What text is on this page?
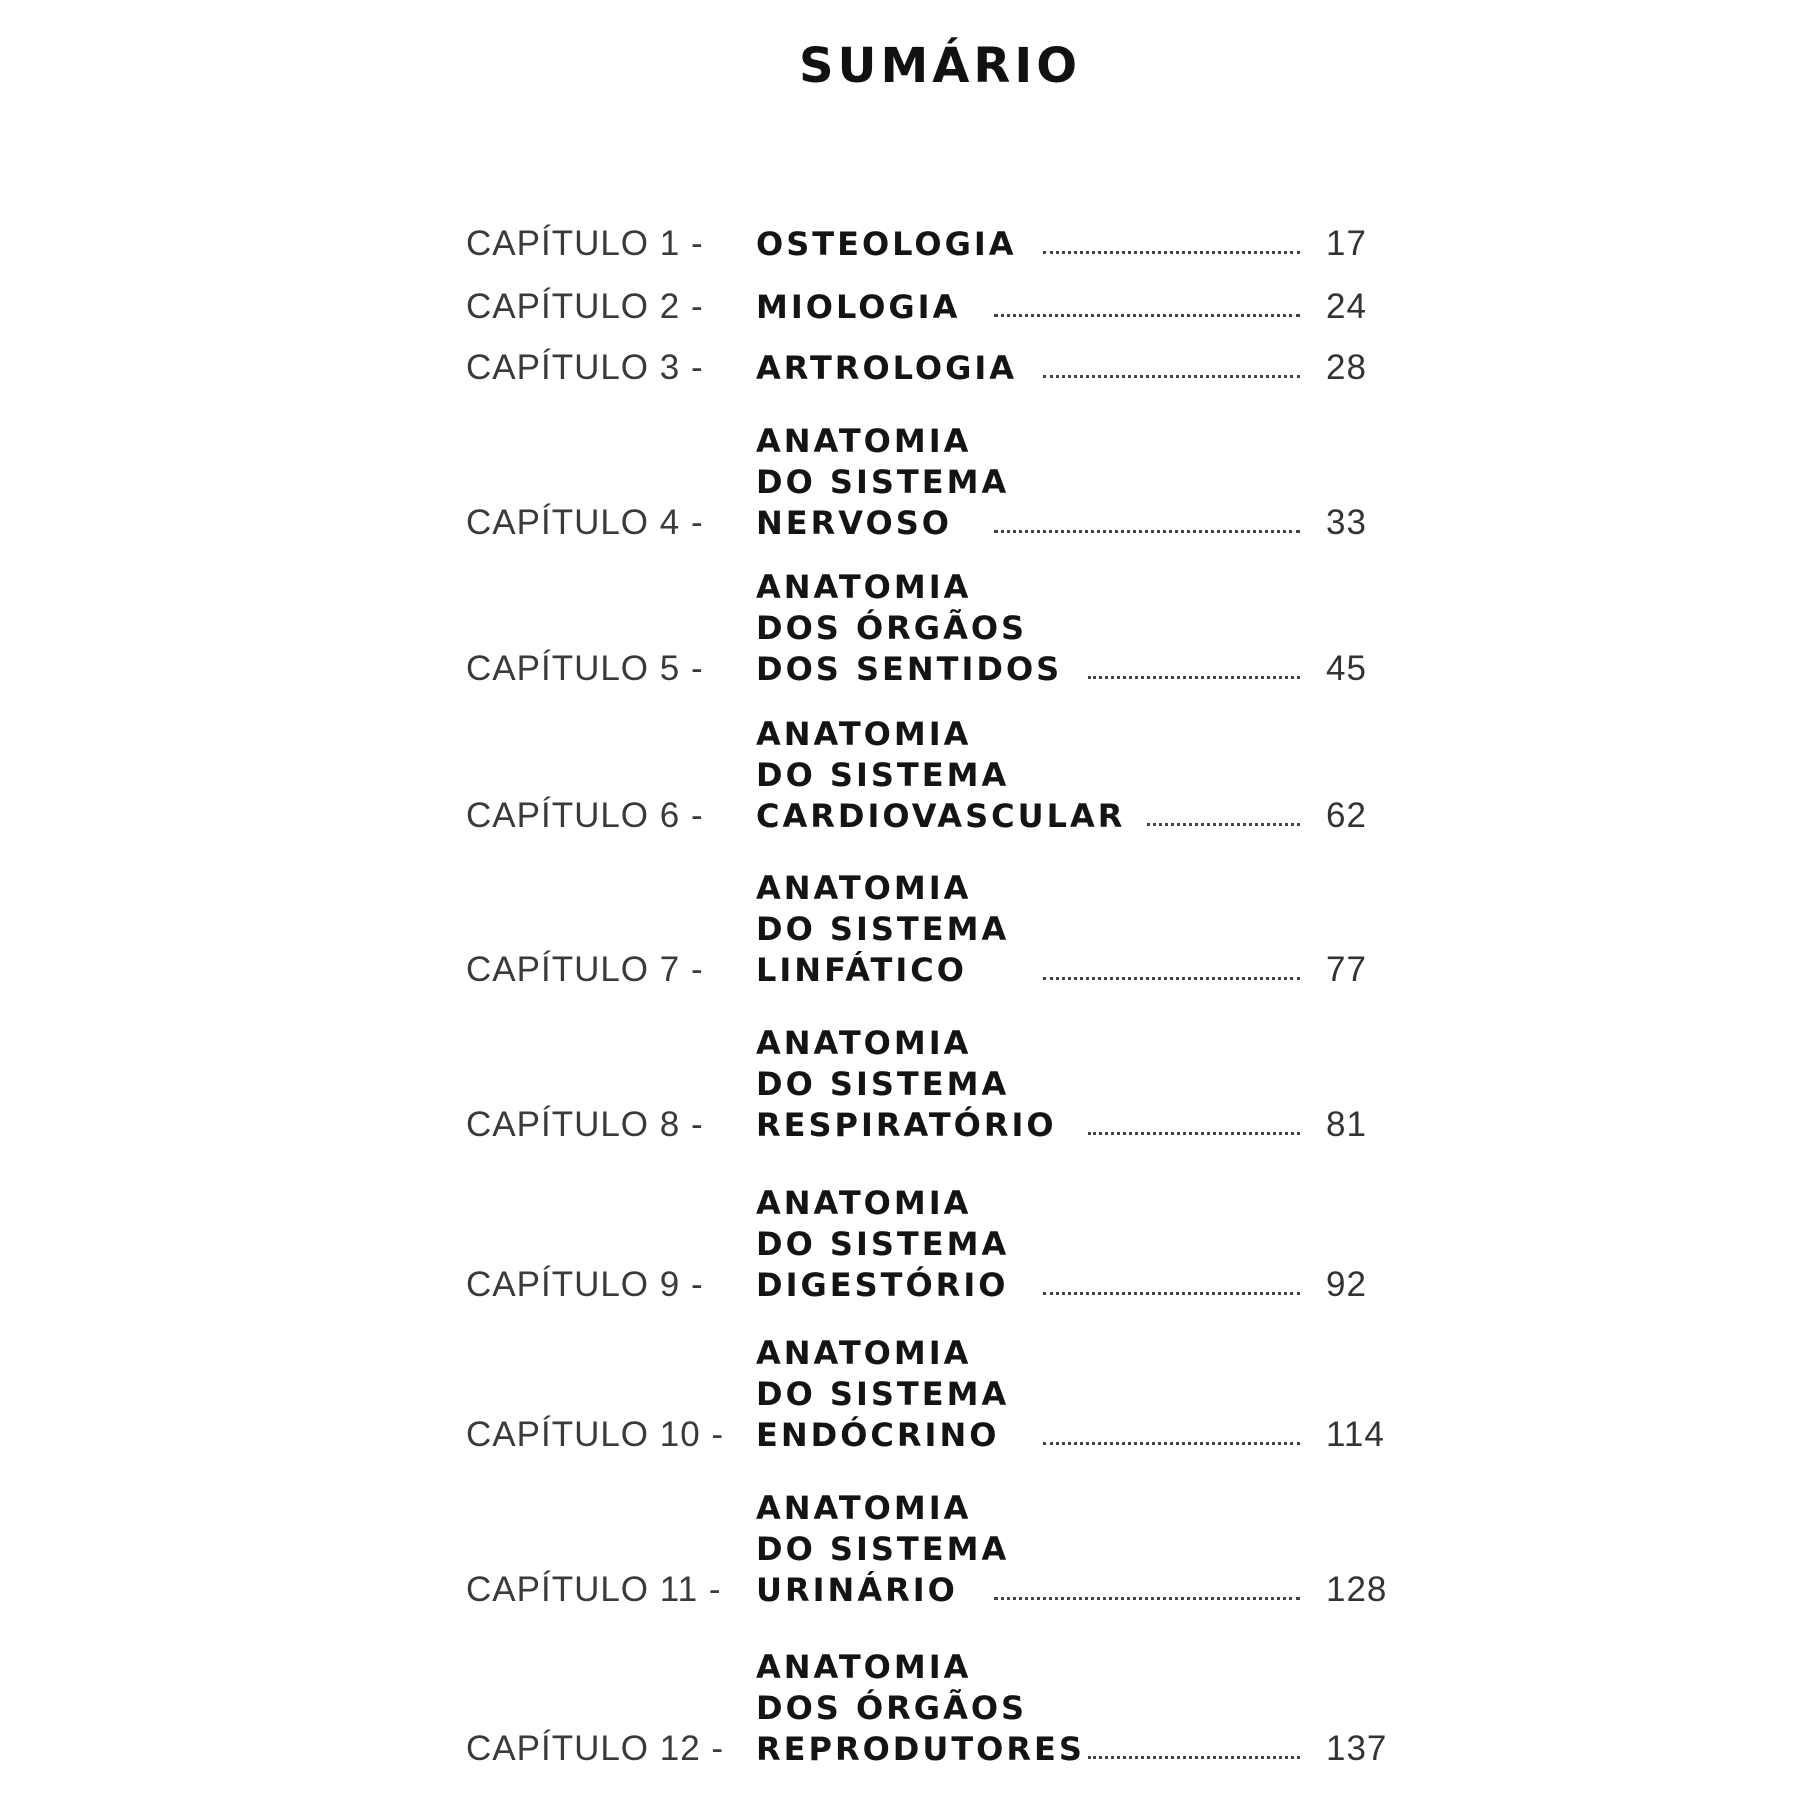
SUMÁRIO
CAPÍTULO 1 - OSTEOLOGIA	17
CAPÍTULO 2 - MIOLOGIA	24
CAPÍTULO 3 - ARTROLOGIA	28
CAPÍTULO 4 -
ANATOMIA
DO SISTEMA
NERVOSO	33
CAPÍTULO 5 -
ANATOMIA
DOS ÓRGÃOS
DOS SENTIDOS	45
CAPÍTULO 6 -
ANATOMIA
DO SISTEMA
CARDIOVASCULAR	62
CAPÍTULO 7 -
ANATOMIA
DO SISTEMA
LINFÁTICO	77
CAPÍTULO 8 -
ANATOMIA
DO SISTEMA
RESPIRATÓRIO	81
CAPÍTULO 9 -
ANATOMIA
DO SISTEMA
DIGESTÓRIO	92
CAPÍTULO 10 -
ANATOMIA
DO SISTEMA
ENDÓCRINO	114
CAPÍTULO 11 -
ANATOMIA
DO SISTEMA
URINÁRIO	128
CAPÍTULO 12 -
ANATOMIA
DOS ÓRGÃOS
REPRODUTORES	137
